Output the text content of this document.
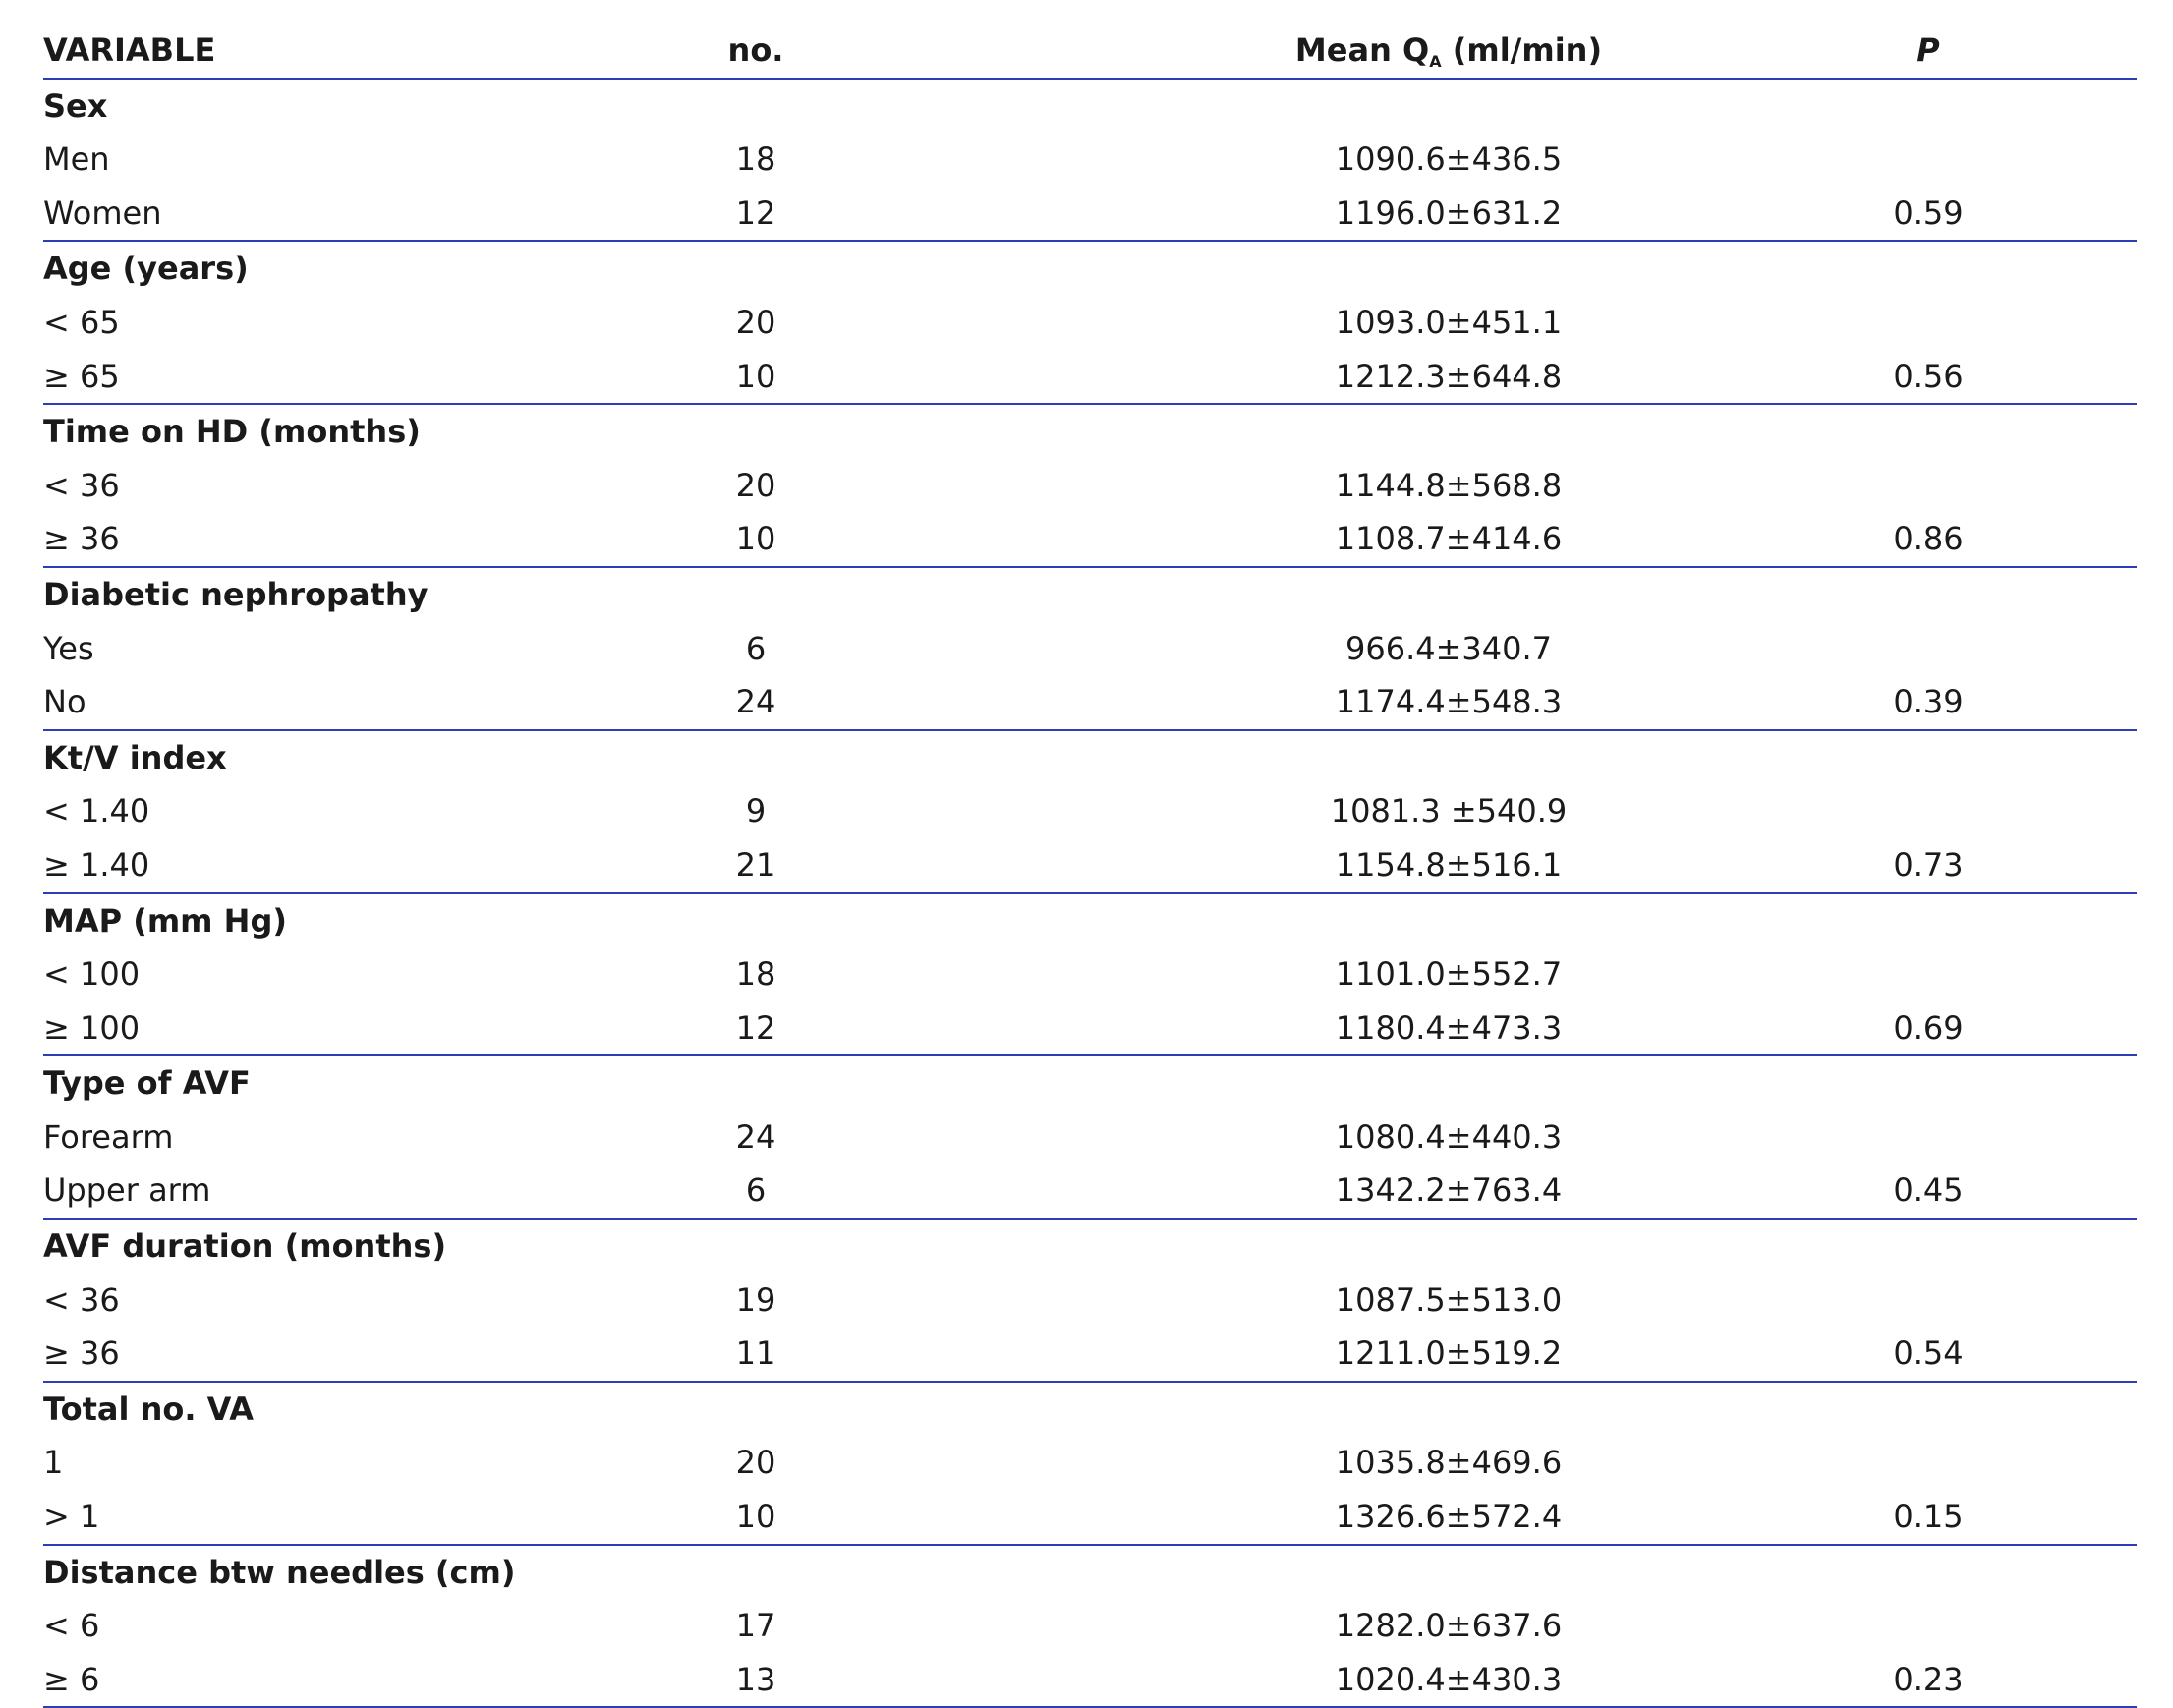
VARIABLE	no.	Mean $Q_A$ (ml/min)	P
Sex
Men	18	1090.6±436.5
Women	12	1196.0±631.2	0.59
Age (years)
< 65	20	1093.0±451.1
≥ 65	10	1212.3±644.8	0.56
Time on HD (months)
< 36	20	1144.8±568.8
≥ 36	10	1108.7±414.6	0.86
Diabetic nephropathy
Yes	6	966.4±340.7
No	24	1174.4±548.3	0.39
Kt/V index
< 1.40	9	1081.3 ±540.9
≥ 1.40	21	1154.8±516.1	0.73
MAP (mm Hg)
< 100	18	1101.0±552.7
≥ 100	12	1180.4±473.3	0.69
Type of AVF
Forearm	24	1080.4±440.3
Upper arm	6	1342.2±763.4	0.45
AVF duration (months)
< 36	19	1087.5±513.0
≥ 36	11	1211.0±519.2	0.54
Total no. VA
1	20	1035.8±469.6
> 1	10	1326.6±572.4	0.15
Distance btw needles (cm)
< 6	17	1282.0±637.6
≥ 6	13	1020.4±430.3	0.23
